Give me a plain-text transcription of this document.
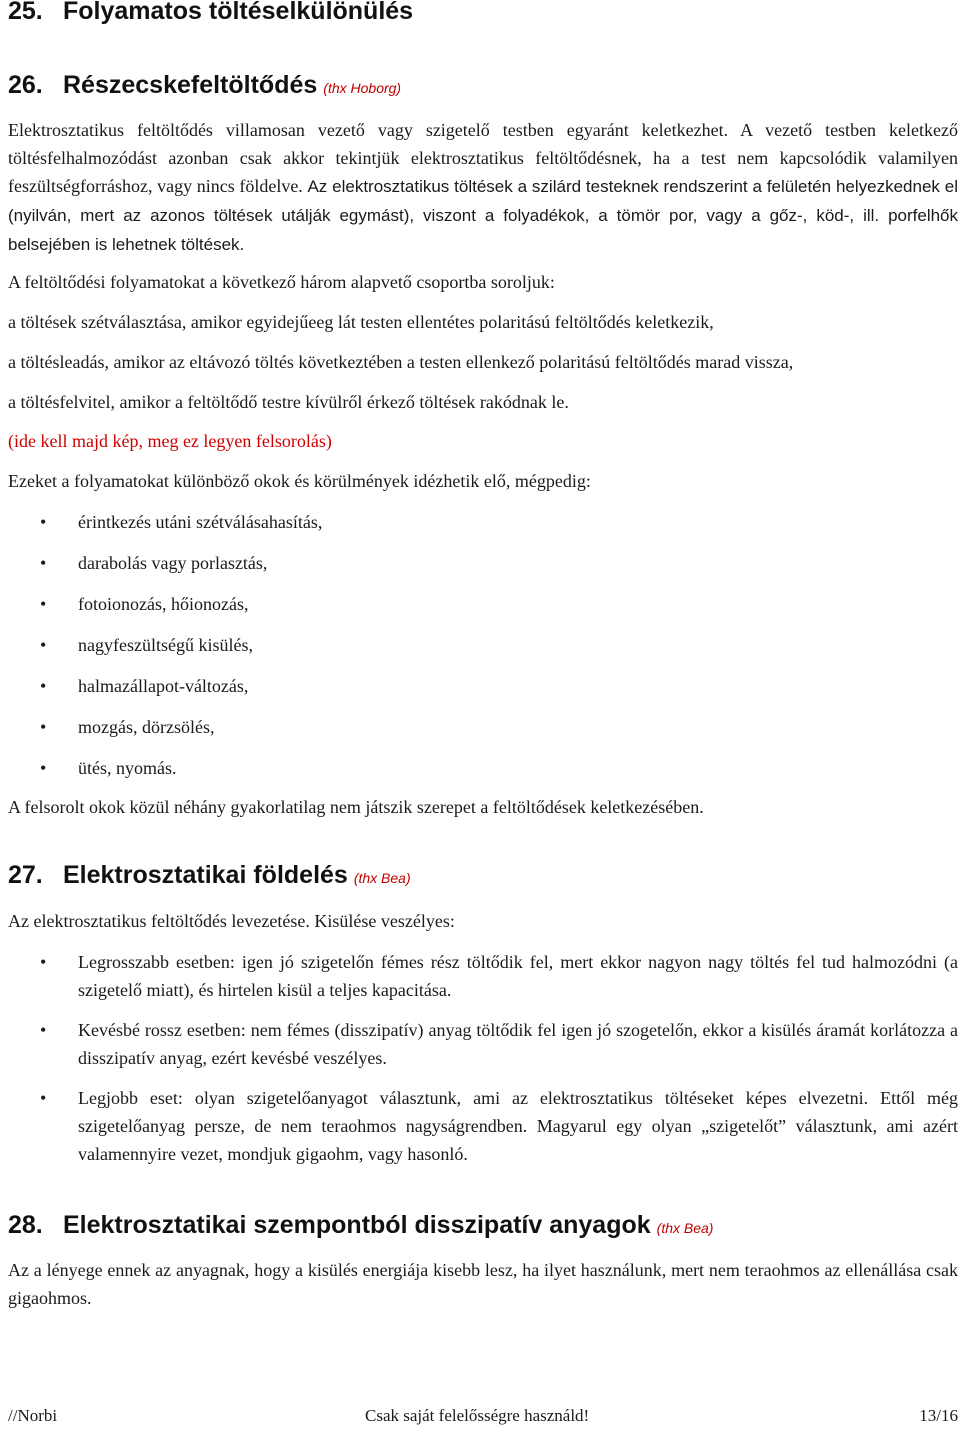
25. Folyamatos töltéselkülönülés
26. Részecskefeltöltődés (thx Hoborg)

Elektrosztatikus feltöltődés villamosan vezető vagy szigetelő testben egyaránt keletkezhet. A vezető testben keletkező töltésfelhalmozódást azonban csak akkor tekintjük elektrosztatikus feltöltődésnek, ha a test nem kapcsolódik valamilyen feszültségforráshoz, vagy nincs földelve. Az elektrosztatikus töltések a szilárd testeknek rendszerint a felületén helyezkednek el (nyilván, mert az azonos töltések utálják egymást), viszont a folyadékok, a tömör por, vagy a gőz-, köd-, ill. porfelhők belsejében is lehetnek töltések.

A feltöltődési folyamatokat a következő három alapvető csoportba soroljuk:

a töltések szétválasztása, amikor egyidejűeeg lát testen ellentétes polaritású feltöltődés keletkezik,

a töltésleadás, amikor az eltávozó töltés következtében a testen ellenkező polaritású feltöltődés marad vissza,

a töltésfelvitel, amikor a feltöltődő testre kívülről érkező töltések rakódnak le.

(ide kell majd kép, meg ez legyen felsorolás)

Ezeket a folyamatokat különböző okok és körülmények idézhetik elő, mégpedig:

• érintkezés utáni szétválásahasítás,
• darabolás vagy porlasztás,
• fotoionozás, hőionozás,
• nagyfeszültségű kisülés,
• halmazállapot-változás,
• mozgás, dörzsölés,
• ütés, nyomás.

A felsorolt okok közül néhány gyakorlatilag nem játszik szerepet a feltöltődések keletkezésében.

27. Elektrosztatikai földelés (thx Bea)

Az elektrosztatikus feltöltődés levezetése. Kisülése veszélyes:

• Legrosszabb esetben: igen jó szigetelőn fémes rész töltődik fel, mert ekkor nagyon nagy töltés fel tud halmozódni (a szigetelő miatt), és hirtelen kisül a teljes kapacitása.
• Kevésbé rossz esetben: nem fémes (disszipatív) anyag töltődik fel igen jó szogetelőn, ekkor a kisülés áramát korlátozza a disszipatív anyag, ezért kevésbé veszélyes.
• Legjobb eset: olyan szigetelőanyagot választunk, ami az elektrosztatikus töltéseket képes elvezetni. Ettől még szigetelőanyag persze, de nem teraohmos nagyságrendben. Magyarul egy olyan „szigetelőt” választunk, ami azért valamennyire vezet, mondjuk gigaohm, vagy hasonló.
28. Elektrosztatikai szempontból disszipatív anyagok (thx Bea)

Az a lényege ennek az anyagnak, hogy a kisülés energiája kisebb lesz, ha ilyet használunk, mert nem teraohmos az ellenállása csak gigaohmos.

//Norbi	Csak saját felelősségre használd!	13/16
